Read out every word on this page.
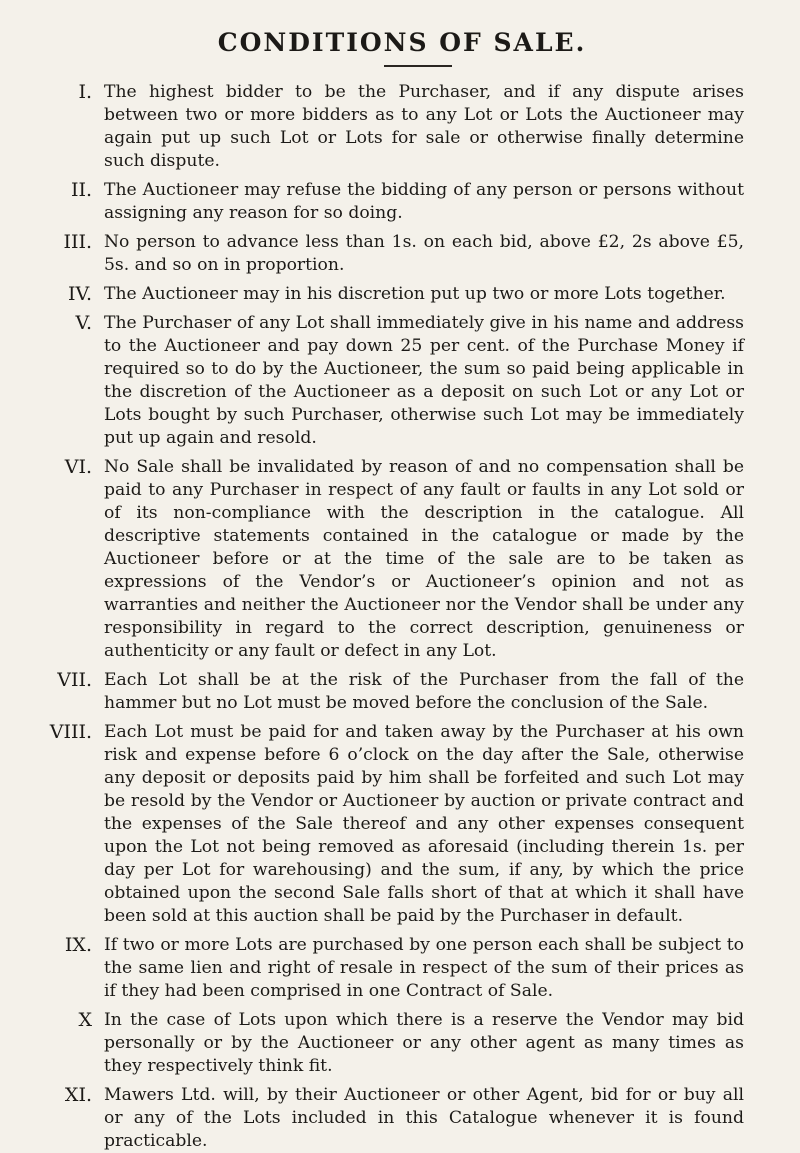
CONDITIONS OF SALE.
I. The highest bidder to be the Purchaser, and if any dispute arises between two or more bidders as to any Lot or Lots the Auctioneer may again put up such Lot or Lots for sale or otherwise finally determine such dispute.
II. The Auctioneer may refuse the bidding of any person or persons without assigning any reason for so doing.
III. No person to advance less than 1s. on each bid, above £2, 2s above £5, 5s. and so on in proportion.
IV. The Auctioneer may in his discretion put up two or more Lots together.
V. The Purchaser of any Lot shall immediately give in his name and address to the Auctioneer and pay down 25 per cent. of the Purchase Money if required so to do by the Auctioneer, the sum so paid being applicable in the discretion of the Auctioneer as a deposit on such Lot or any Lot or Lots bought by such Purchaser, otherwise such Lot may be immediately put up again and resold.
VI. No Sale shall be invalidated by reason of and no compensation shall be paid to any Purchaser in respect of any fault or faults in any Lot sold or of its non-compliance with the description in the catalogue. All descriptive statements contained in the catalogue or made by the Auctioneer before or at the time of the sale are to be taken as expressions of the Vendor’s or Auctioneer’s opinion and not as warranties and neither the Auctioneer nor the Vendor shall be under any responsibility in regard to the correct description, genuineness or authenticity or any fault or defect in any Lot.
VII. Each Lot shall be at the risk of the Purchaser from the fall of the hammer but no Lot must be moved before the conclusion of the Sale.
VIII. Each Lot must be paid for and taken away by the Purchaser at his own risk and expense before 6 o’clock on the day after the Sale, otherwise any deposit or deposits paid by him shall be forfeited and such Lot may be resold by the Vendor or Auctioneer by auction or private contract and the expenses of the Sale thereof and any other expenses consequent upon the Lot not being removed as aforesaid (including therein 1s. per day per Lot for warehousing) and the sum, if any, by which the price obtained upon the second Sale falls short of that at which it shall have been sold at this auction shall be paid by the Purchaser in default.
IX. If two or more Lots are purchased by one person each shall be subject to the same lien and right of resale in respect of the sum of their prices as if they had been comprised in one Contract of Sale.
X In the case of Lots upon which there is a reserve the Vendor may bid personally or by the Auctioneer or any other agent as many times as they respectively think fit.
XI. Mawers Ltd. will, by their Auctioneer or other Agent, bid for or buy all or any of the Lots included in this Catalogue whenever it is found practicable.
